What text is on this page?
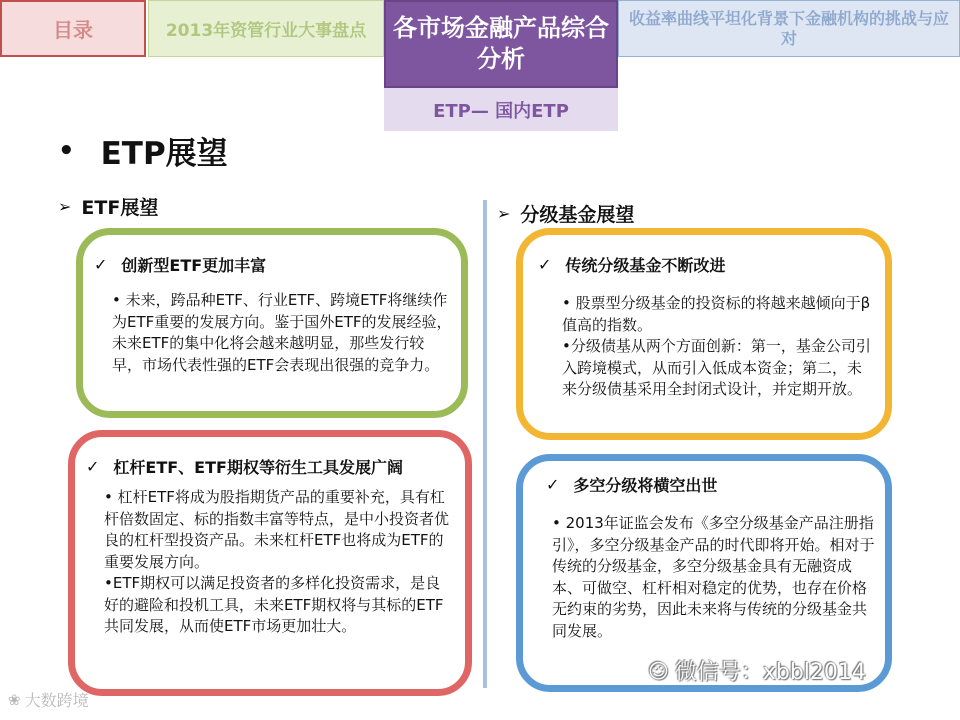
目录	2013年资管行业大事盘点	各市场金融产品综合分析
收益率曲线平坦化背景下金融机构的挑战与应对
ETP— 国内ETP
• ETP展望
➢ ETF展望	➢ 分级基金展望
✓ 创新型ETF更加丰富

• 未来，跨品种ETF、行业ETF、跨境ETF将继续作为ETF重要的发展方向。鉴于国外ETF的发展经验，未来ETF的集中化将会越来越明显，那些发行较早，市场代表性强的ETF会表现出很强的竞争力。

✓ 杠杆ETF、ETF期权等衍生工具发展广阔

• 杠杆ETF将成为股指期货产品的重要补充，具有杠杆倍数固定、标的指数丰富等特点，是中小投资者优良的杠杆型投资产品。未来杠杆ETF也将成为ETF的重要发展方向。

•ETF期权可以满足投资者的多样化投资需求，是良好的避险和投机工具，未来ETF期权将与其标的ETF共同发展，从而使ETF市场更加壮大。

✓ 传统分级基金不断改进

• 股票型分级基金的投资标的将越来越倾向于β值高的指数。

•分级债基从两个方面创新：第一，基金公司引入跨境模式，从而引入低成本资金；第二，未来分级债基采用全封闭式设计，并定期开放。

✓ 多空分级将横空出世

• 2013年证监会发布《多空分级基金产品注册指引》，多空分级基金产品的时代即将开始。相对于传统的分级基金，多空分级基金具有无融资成本、可做空、杠杆相对稳定的优势，也存在价格无约束的劣势，因此未来将与传统的分级基金共同发展。

❀ 大数跨境
☺ 微信号：xbbl2014
